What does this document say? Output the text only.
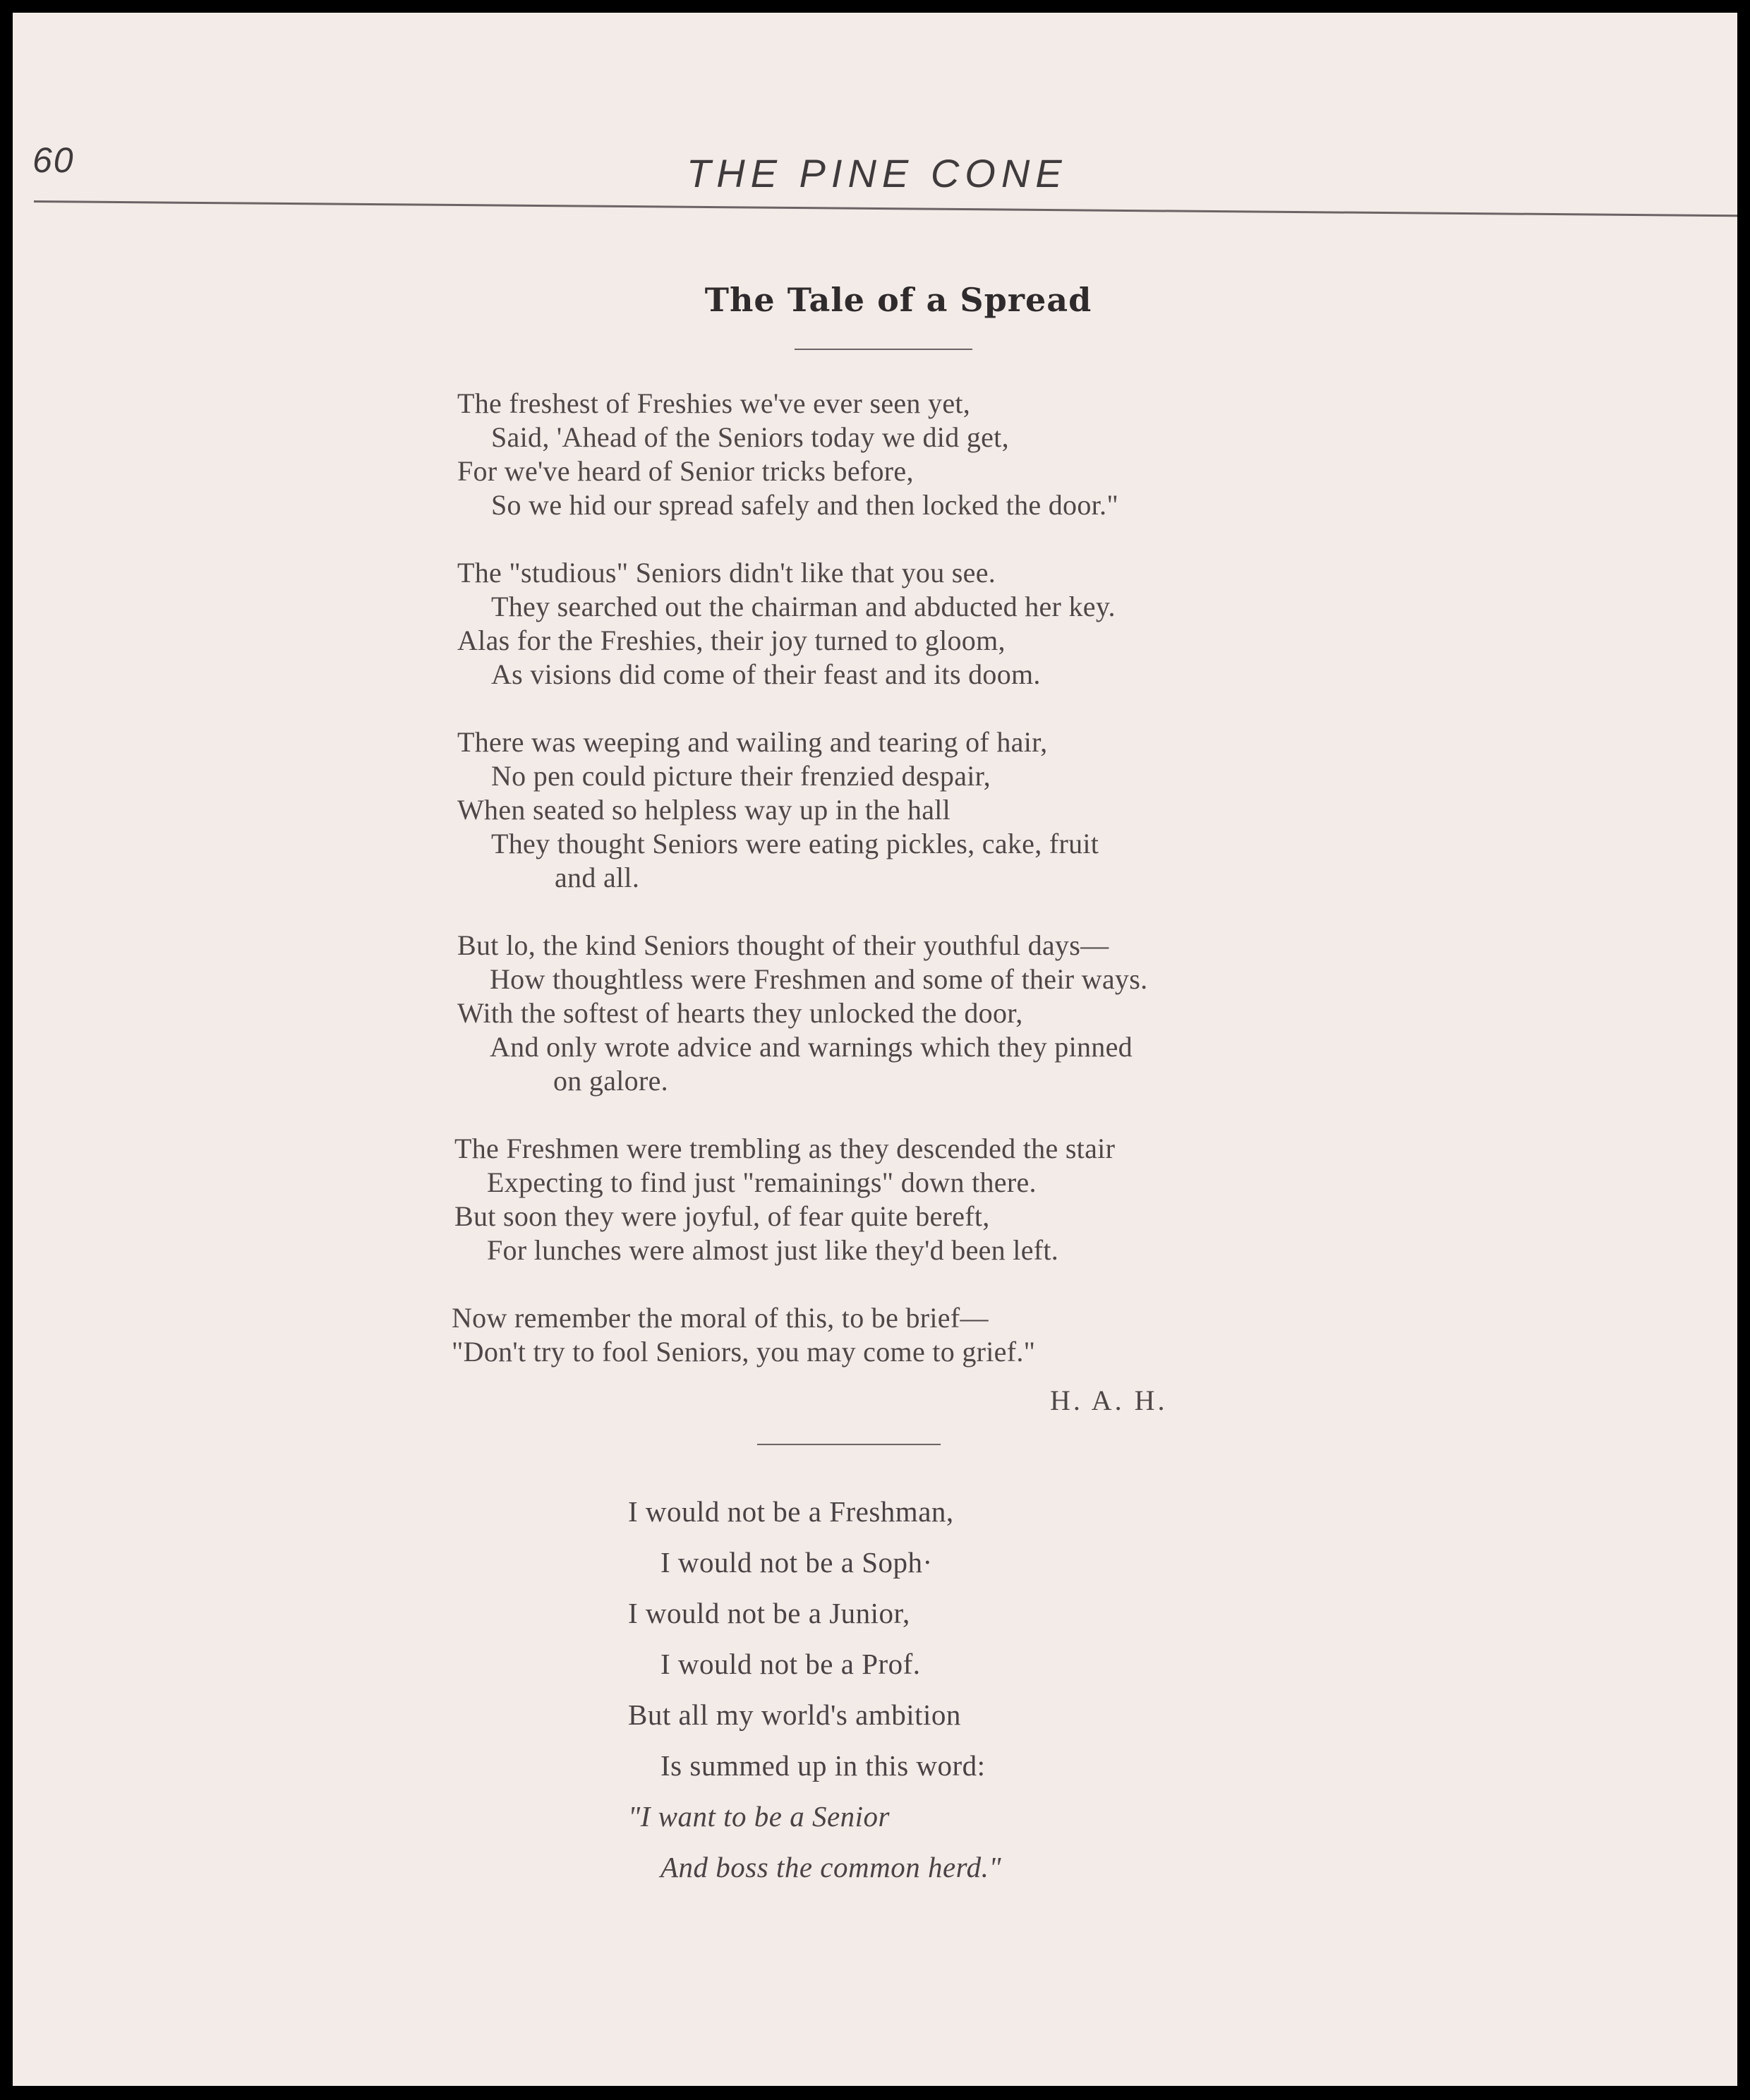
60	THE PINE CONE
The Tale of a Spread
The freshest of Freshies we've ever seen yet,
Said, 'Ahead of the Seniors today we did get,
For we've heard of Senior tricks before,
So we hid our spread safely and then locked the door."
The "studious" Seniors didn't like that you see.
They searched out the chairman and abducted her key.
Alas for the Freshies, their joy turned to gloom,
As visions did come of their feast and its doom.
There was weeping and wailing and tearing of hair,
No pen could picture their frenzied despair,
When seated so helpless way up in the hall
They thought Seniors were eating pickles, cake, fruit
and all.
But lo, the kind Seniors thought of their youthful days—
How thoughtless were Freshmen and some of their ways.
With the softest of hearts they unlocked the door,
And only wrote advice and warnings which they pinned
on galore.
The Freshmen were trembling as they descended the stair
Expecting to find just "remainings" down there.
But soon they were joyful, of fear quite bereft,
For lunches were almost just like they'd been left.
Now remember the moral of this, to be brief—
"Don't try to fool Seniors, you may come to grief."
H. A. H.
I would not be a Freshman,
I would not be a Soph·
I would not be a Junior,
I would not be a Prof.
But all my world's ambition
Is summed up in this word:
"I want to be a Senior
And boss the common herd."
